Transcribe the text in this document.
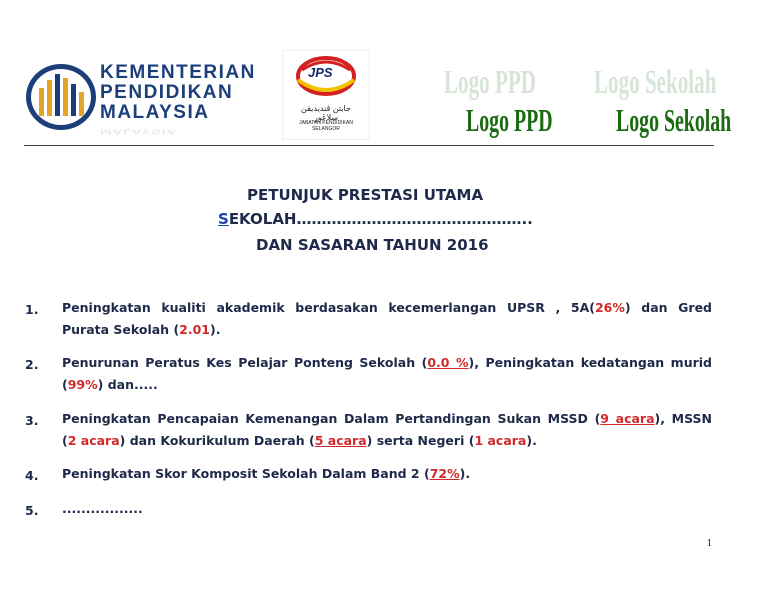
KEMENTERIAN
PENDIDIKAN
MALAYSIA
MALAYSIA
JPS
جابتن ڤنديديقن سلاڠور
JABATAN PENDIDIKAN SELANGOR
Logo PPD
Logo PPD
Logo Sekolah
Logo Sekolah
PETUNJUK PRESTASI UTAMA
SEKOLAH………………………………………..
DAN SASARAN TAHUN 2016
1. Peningkatan kualiti akademik berdasakan kecemerlangan UPSR , 5A(26%) dan Gred
Purata Sekolah (2.01).
2. Penurunan Peratus Kes Pelajar Ponteng Sekolah (0.0 %), Peningkatan kedatangan murid
(99%) dan.....
3. Peningkatan Pencapaian Kemenangan Dalam Pertandingan Sukan MSSD (9 acara), MSSN
(2 acara) dan Kokurikulum Daerah (5 acara) serta Negeri (1 acara).
4. Peningkatan Skor Komposit Sekolah Dalam Band 2 (72%).
5. .................
1
